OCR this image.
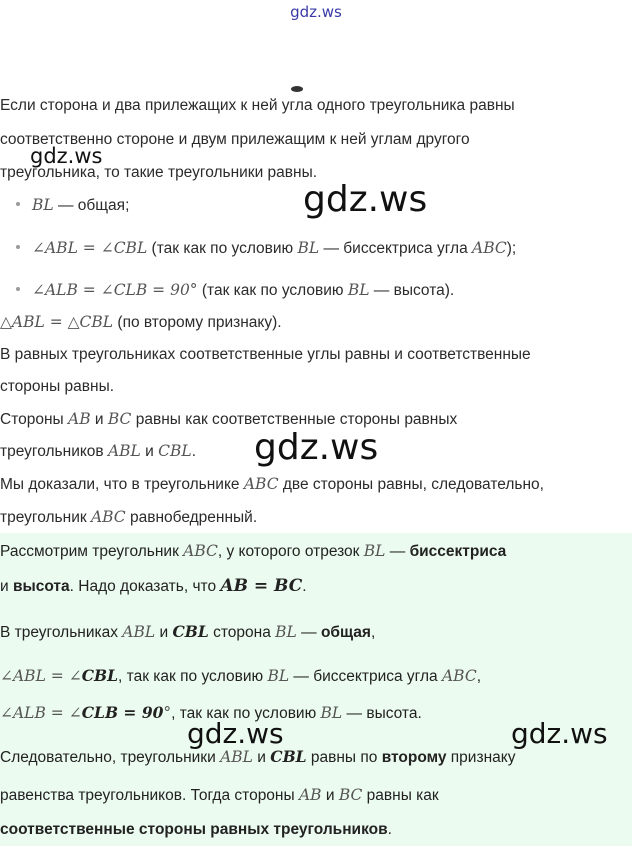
gdz.ws
Если сторона и два прилежащих к ней угла одного треугольника равны
соответственно стороне и двум прилежащим к ней углам другого
треугольника, то такие треугольники равны.
gdz.ws
gdz.ws
BL — общая;
∠ABL = ∠CBL (так как по условию BL — биссектриса угла ABC);
∠ALB = ∠CLB = 90° (так как по условию BL — высота).
△ABL = △CBL (по второму признаку).
В равных треугольниках соответственные углы равны и соответственные
стороны равны.
Стороны AB и BC равны как соответственные стороны равных
треугольников ABL и CBL. gdz.ws
Мы доказали, что в треугольнике ABC две стороны равны, следовательно,
треугольник ABC равнобедренный.
Рассмотрим треугольник ABC, у которого отрезок BL — биссектриса
и высота. Надо доказать, что AB = BC.
В треугольниках ABL и CBL сторона BL — общая,
∠ABL = ∠CBL, так как по условию BL — биссектриса угла ABC,
∠ALB = ∠CLB = 90°, так как по условию BL — высота.
gdz.ws	gdz.ws
Следовательно, треугольники ABL и CBL равны по второму признаку
равенства треугольников. Тогда стороны AB и BC равны как
соответственные стороны равных треугольников.
